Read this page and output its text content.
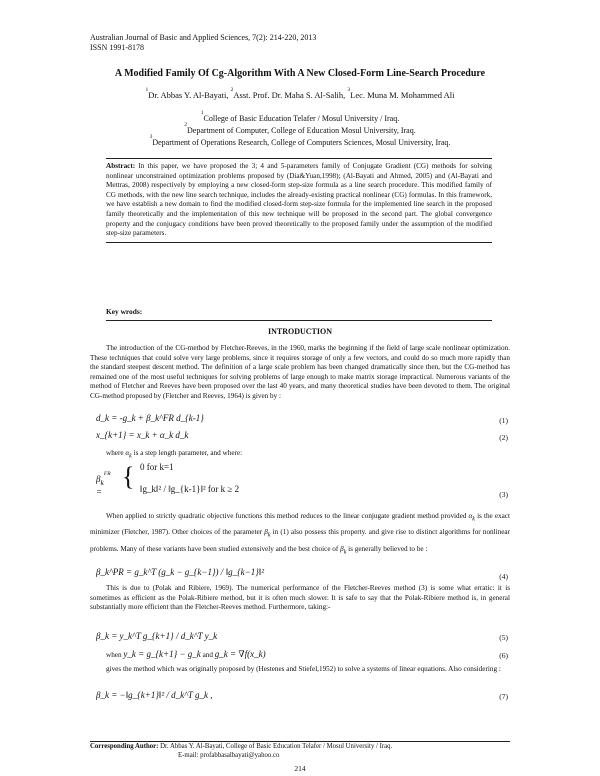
Australian Journal of Basic and Applied Sciences, 7(2): 214-220, 2013
ISSN 1991-8178
A Modified Family Of Cg-Algorithm With A New Closed-Form Line-Search Procedure
$^1$Dr. Abbas Y. Al-Bayati, $^2$Asst. Prof. Dr. Maha S. Al-Salih, $^3$Lec. Muna M. Mohammed Ali
$^1$College of Basic Education Telafer / Mosul University / Iraq.
$^2$Department of Computer, College of Education Mosul University, Iraq.
$^3$Department of Operations Research, College of Computers Sciences, Mosul University, Iraq.
Abstract: In this paper, we have proposed the 3; 4 and 5-parameters family of Conjugate Gradient (CG) methods for solving nonlinear unconstrained optimization problems proposed by (Dia&Yuan,1998); (Al-Bayati and Ahmed, 2005) and (Al-Bayati and Mettras, 2008) respectively by employing a new closed-form step-size formula as a line search procedure. This modified family of CG methods, with the new line search technique, includes the already-existing practical nonlinear (CG) formulas. In this framework, we have establish a new domain to find the modified closed-form step-size formula for the implemented line search in the proposed family theoretically and the implementation of this new technique will be proposed in the second part. The global convergence property and the conjugacy conditions have been proved theoretically to the proposed family under the assumption of the modified step-size parameters.
Key wrods:
INTRODUCTION
The introduction of the CG-method by Fletcher-Reeves, in the 1960, marks the beginning if the field of large scale nonlinear optimization. These techniques that could solve very large problems, since it requires storage of only a few vectors, and could do so much more rapidly than the standard steepest descent method. The definition of a large scale problem has been changed dramatically since then, but the CG-method has remained one of the most useful techniques for solving problems of large enough to make matrix storage impractical. Numerous variants of the method of Fletcher and Reeves have been proposed over the last 40 years, and many theoretical studies have been devoted to them. The original CG-method proposed by (Fletcher and Reeves, 1964) is given by :
d_k = -g_k + β_k^FR d_{k-1}	(1)
x_{k+1} = x_k + α_k d_k	(2)
where $\alpha_k$ is a step length parameter, and where:
$\beta_k^{FR}$ =
{ 0 for k=1
‖g_k‖² / ‖g_{k-1}‖² for k ≥ 2
(3)
When applied to strictly quadratic objective functions this method reduces to the linear conjugate gradient method provided $\alpha_k$ is the exact minimizer (Fletcher, 1987). Other choices of the parameter $\beta_k$ in (1) also possess this property. and give rise to distinct algorithms for nonlinear problems. Many of these variants have been studied extensively and the best choice of $\beta_k$ is generally believed to be :
β_k^PR = g_k^T (g_k − g_{k−1}) / ‖g_{k−1}‖²	(4)
This is due to (Polak and Ribiere, 1969). The numerical performance of the Fletcher-Reeves method (3) is some what erratic: it is sometimes as efficient as the Polak-Ribiere method, but it is often much slower. It is safe to say that the Polak-Ribiere method is, in general substantially more efficient than the Fletcher-Reeves method. Furthermore, taking:-
β_k = y_k^T g_{k+1} / d_k^T y_k	(5)
when y_k = g_{k+1} − g_k and g_k = ∇f(x_k)	(6)
gives the method which was originally proposed by (Hestenes and Stiefel,1952) to solve a systems of linear equations. Also considering :
β_k = −‖g_{k+1}‖² / d_k^T g_k ,	(7)
Corresponding Author: Dr. Abbas Y. Al-Bayati, College of Basic Education Telafer / Mosul University / Iraq.
E-mail: profabbasalbayati@yahoo.co
214
